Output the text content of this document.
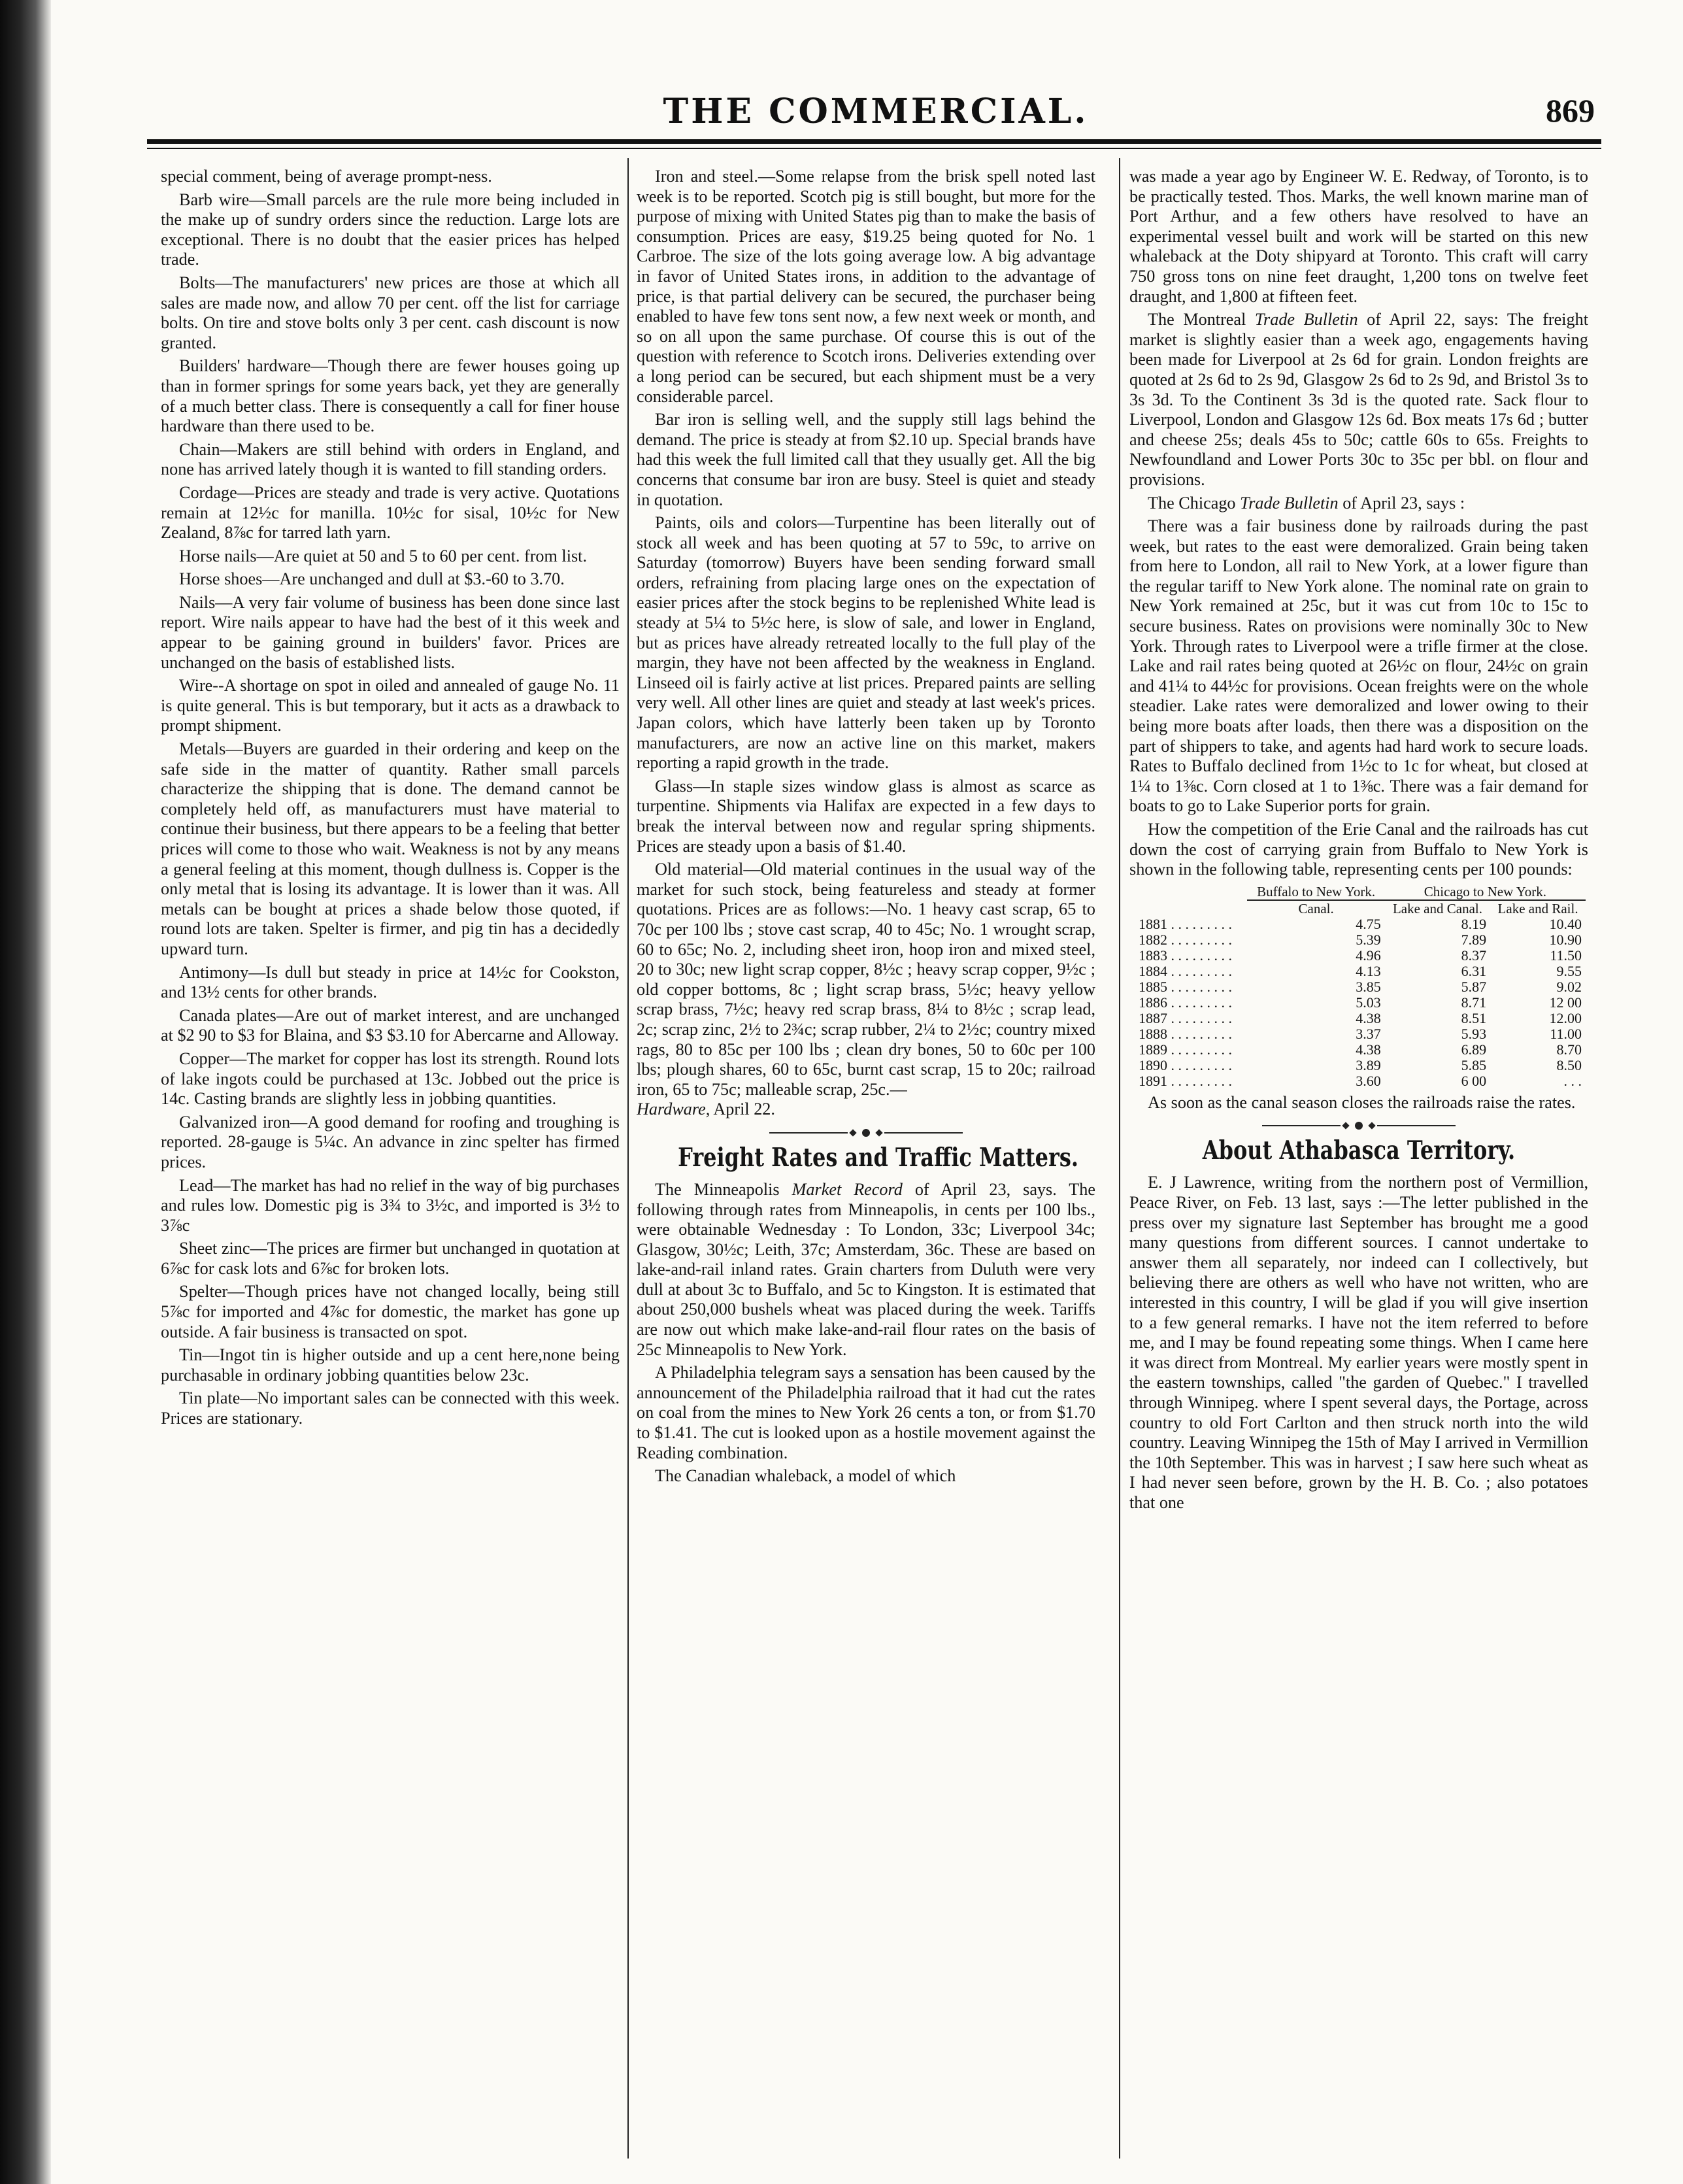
THE COMMERCIAL.	869

special comment, being of average prompt-ness.

Barb wire—Small parcels are the rule more being included in the make up of sundry orders since the reduction. Large lots are exceptional. There is no doubt that the easier prices has helped trade.

Bolts—The manufacturers' new prices are those at which all sales are made now, and allow 70 per cent. off the list for carriage bolts. On tire and stove bolts only 3 per cent. cash discount is now granted.

Builders' hardware—Though there are fewer houses going up than in former springs for some years back, yet they are generally of a much better class. There is consequently a call for finer house hardware than there used to be.

Chain—Makers are still behind with orders in England, and none has arrived lately though it is wanted to fill standing orders.

Cordage—Prices are steady and trade is very active. Quotations remain at 12½c for manilla. 10½c for sisal, 10½c for New Zealand, 8⅞c for tarred lath yarn.

Horse nails—Are quiet at 50 and 5 to 60 per cent. from list.

Horse shoes—Are unchanged and dull at $3.-60 to 3.70.

Nails—A very fair volume of business has been done since last report. Wire nails appear to have had the best of it this week and appear to be gaining ground in builders' favor. Prices are unchanged on the basis of established lists.

Wire--A shortage on spot in oiled and annealed of gauge No. 11 is quite general. This is but temporary, but it acts as a drawback to prompt shipment.

Metals—Buyers are guarded in their ordering and keep on the safe side in the matter of quantity. Rather small parcels characterize the shipping that is done. The demand cannot be completely held off, as manufacturers must have material to continue their business, but there appears to be a feeling that better prices will come to those who wait. Weakness is not by any means a general feeling at this moment, though dullness is. Copper is the only metal that is losing its advantage. It is lower than it was. All metals can be bought at prices a shade below those quoted, if round lots are taken. Spelter is firmer, and pig tin has a decidedly upward turn.

Antimony—Is dull but steady in price at 14½c for Cookston, and 13½ cents for other brands.

Canada plates—Are out of market interest, and are unchanged at $2 90 to $3 for Blaina, and $3 $3.10 for Abercarne and Alloway.

Copper—The market for copper has lost its strength. Round lots of lake ingots could be purchased at 13c. Jobbed out the price is 14c. Casting brands are slightly less in jobbing quantities.

Galvanized iron—A good demand for roofing and troughing is reported. 28-gauge is 5¼c. An advance in zinc spelter has firmed prices.

Lead—The market has had no relief in the way of big purchases and rules low. Domestic pig is 3¾ to 3½c, and imported is 3½ to 3⅞c

Sheet zinc—The prices are firmer but unchanged in quotation at 6⅞c for cask lots and 6⅞c for broken lots.

Spelter—Though prices have not changed locally, being still 5⅞c for imported and 4⅞c for domestic, the market has gone up outside. A fair business is transacted on spot.

Tin—Ingot tin is higher outside and up a cent here,none being purchasable in ordinary jobbing quantities below 23c.

Tin plate—No important sales can be connected with this week. Prices are stationary.

Iron and steel.—Some relapse from the brisk spell noted last week is to be reported. Scotch pig is still bought, but more for the purpose of mixing with United States pig than to make the basis of consumption. Prices are easy, $19.25 being quoted for No. 1 Carbroe. The size of the lots going average low. A big advantage in favor of United States irons, in addition to the advantage of price, is that partial delivery can be secured, the purchaser being enabled to have few tons sent now, a few next week or month, and so on all upon the same purchase. Of course this is out of the question with reference to Scotch irons. Deliveries extending over a long period can be secured, but each shipment must be a very considerable parcel.

Bar iron is selling well, and the supply still lags behind the demand. The price is steady at from $2.10 up. Special brands have had this week the full limited call that they usually get. All the big concerns that consume bar iron are busy. Steel is quiet and steady in quotation.

Paints, oils and colors—Turpentine has been literally out of stock all week and has been quoting at 57 to 59c, to arrive on Saturday (tomorrow) Buyers have been sending forward small orders, refraining from placing large ones on the expectation of easier prices after the stock begins to be replenished White lead is steady at 5¼ to 5½c here, is slow of sale, and lower in England, but as prices have already retreated locally to the full play of the margin, they have not been affected by the weakness in England. Linseed oil is fairly active at list prices. Prepared paints are selling very well. All other lines are quiet and steady at last week's prices. Japan colors, which have latterly been taken up by Toronto manufacturers, are now an active line on this market, makers reporting a rapid growth in the trade.

Glass—In staple sizes window glass is almost as scarce as turpentine. Shipments via Halifax are expected in a few days to break the interval between now and regular spring shipments. Prices are steady upon a basis of $1.40.

Old material—Old material continues in the usual way of the market for such stock, being featureless and steady at former quotations. Prices are as follows:—No. 1 heavy cast scrap, 65 to 70c per 100 lbs ; stove cast scrap, 40 to 45c; No. 1 wrought scrap, 60 to 65c; No. 2, including sheet iron, hoop iron and mixed steel, 20 to 30c; new light scrap copper, 8½c ; heavy scrap copper, 9½c ; old copper bottoms, 8c ; light scrap brass, 5½c; heavy yellow scrap brass, 7½c; heavy red scrap brass, 8¼ to 8½c ; scrap lead, 2c; scrap zinc, 2½ to 2¾c; scrap rubber, 2¼ to 2½c; country mixed rags, 80 to 85c per 100 lbs ; clean dry bones, 50 to 60c per 100 lbs; plough shares, 60 to 65c, burnt cast scrap, 15 to 20c; railroad iron, 65 to 75c; malleable scrap, 25c.—

Hardware, April 22.

Freight Rates and Traffic Matters.

The Minneapolis Market Record of April 23, says. The following through rates from Minneapolis, in cents per 100 lbs., were obtainable Wednesday : To London, 33c; Liverpool 34c; Glasgow, 30½c; Leith, 37c; Amsterdam, 36c. These are based on lake-and-rail inland rates. Grain charters from Duluth were very dull at about 3c to Buffalo, and 5c to Kingston. It is estimated that about 250,000 bushels wheat was placed during the week. Tariffs are now out which make lake-and-rail flour rates on the basis of 25c Minneapolis to New York.

A Philadelphia telegram says a sensation has been caused by the announcement of the Philadelphia railroad that it had cut the rates on coal from the mines to New York 26 cents a ton, or from $1.70 to $1.41. The cut is looked upon as a hostile movement against the Reading combination.

The Canadian whaleback, a model of which

was made a year ago by Engineer W. E. Redway, of Toronto, is to be practically tested. Thos. Marks, the well known marine man of Port Arthur, and a few others have resolved to have an experimental vessel built and work will be started on this new whaleback at the Doty shipyard at Toronto. This craft will carry 750 gross tons on nine feet draught, 1,200 tons on twelve feet draught, and 1,800 at fifteen feet.

The Montreal Trade Bulletin of April 22, says: The freight market is slightly easier than a week ago, engagements having been made for Liverpool at 2s 6d for grain. London freights are quoted at 2s 6d to 2s 9d, Glasgow 2s 6d to 2s 9d, and Bristol 3s to 3s 3d. To the Continent 3s 3d is the quoted rate. Sack flour to Liverpool, London and Glasgow 12s 6d. Box meats 17s 6d ; butter and cheese 25s; deals 45s to 50c; cattle 60s to 65s. Freights to Newfoundland and Lower Ports 30c to 35c per bbl. on flour and provisions.

The Chicago Trade Bulletin of April 23, says :

There was a fair business done by railroads during the past week, but rates to the east were demoralized. Grain being taken from here to London, all rail to New York, at a lower figure than the regular tariff to New York alone. The nominal rate on grain to New York remained at 25c, but it was cut from 10c to 15c to secure business. Rates on provisions were nominally 30c to New York. Through rates to Liverpool were a trifle firmer at the close. Lake and rail rates being quoted at 26½c on flour, 24½c on grain and 41¼ to 44½c for provisions. Ocean freights were on the whole steadier. Lake rates were demoralized and lower owing to their being more boats after loads, then there was a disposition on the part of shippers to take, and agents had hard work to secure loads. Rates to Buffalo declined from 1½c to 1c for wheat, but closed at 1¼ to 1⅜c. Corn closed at 1 to 1⅜c. There was a fair demand for boats to go to Lake Superior ports for grain.

How the competition of the Erie Canal and the railroads has cut down the cost of carrying grain from Buffalo to New York is shown in the following table, representing cents per 100 pounds:

	Buffalo to New York.	Chicago to New York.	
	Canal.	Lake and Canal.	Lake and Rail.
1881 . . . . . . . . .	4.75	8.19	10.40
1882 . . . . . . . . .	5.39	7.89	10.90
1883 . . . . . . . . .	4.96	8.37	11.50
1884 . . . . . . . . .	4.13	6.31	9.55
1885 . . . . . . . . .	3.85	5.87	9.02
1886 . . . . . . . . .	5.03	8.71	12 00
1887 . . . . . . . . .	4.38	8.51	12.00
1888 . . . . . . . . .	3.37	5.93	11.00
1889 . . . . . . . . .	4.38	6.89	8.70
1890 . . . . . . . . .	3.89	5.85	8.50
1891 . . . . . . . . .	3.60	6 00	. . .

As soon as the canal season closes the railroads raise the rates.

About Athabasca Territory.

E. J Lawrence, writing from the northern post of Vermillion, Peace River, on Feb. 13 last, says :—The letter published in the press over my signature last September has brought me a good many questions from different sources. I cannot undertake to answer them all separately, nor indeed can I collectively, but believing there are others as well who have not written, who are interested in this country, I will be glad if you will give insertion to a few general remarks. I have not the item referred to before me, and I may be found repeating some things. When I came here it was direct from Montreal. My earlier years were mostly spent in the eastern townships, called "the garden of Quebec." I travelled through Winnipeg. where I spent several days, the Portage, across country to old Fort Carlton and then struck north into the wild country. Leaving Winnipeg the 15th of May I arrived in Vermillion the 10th September. This was in harvest ; I saw here such wheat as I had never seen before, grown by the H. B. Co. ; also potatoes that one
